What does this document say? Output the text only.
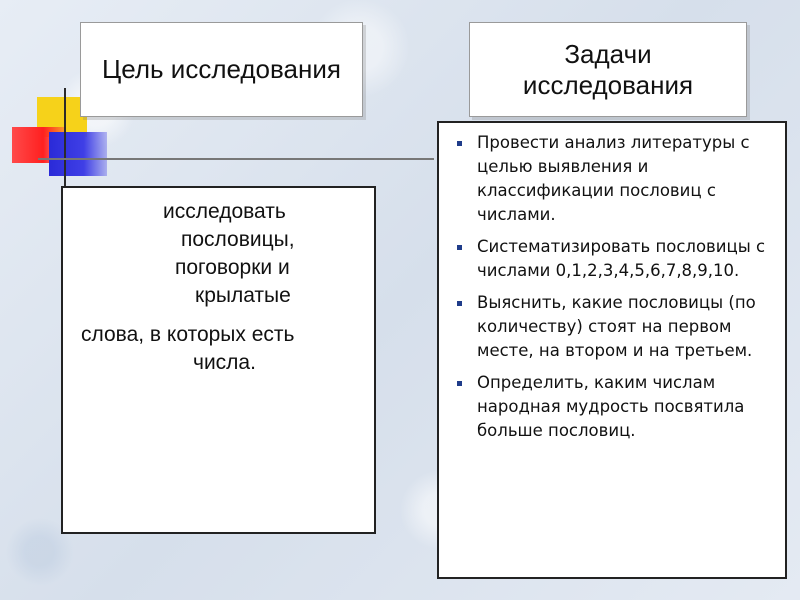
Цель исследования
Задачи исследования
исследовать
пословицы,
поговорки и
крылатые
слова, в которых есть
числа.
Провести анализ литературы с целью выявления и классификации пословиц с числами.
Систематизировать пословицы с числами 0,1,2,3,4,5,6,7,8,9,10.
Выяснить, какие пословицы (по количеству) стоят на первом месте, на втором и на третьем.
Определить, каким числам народная мудрость посвятила больше пословиц.
